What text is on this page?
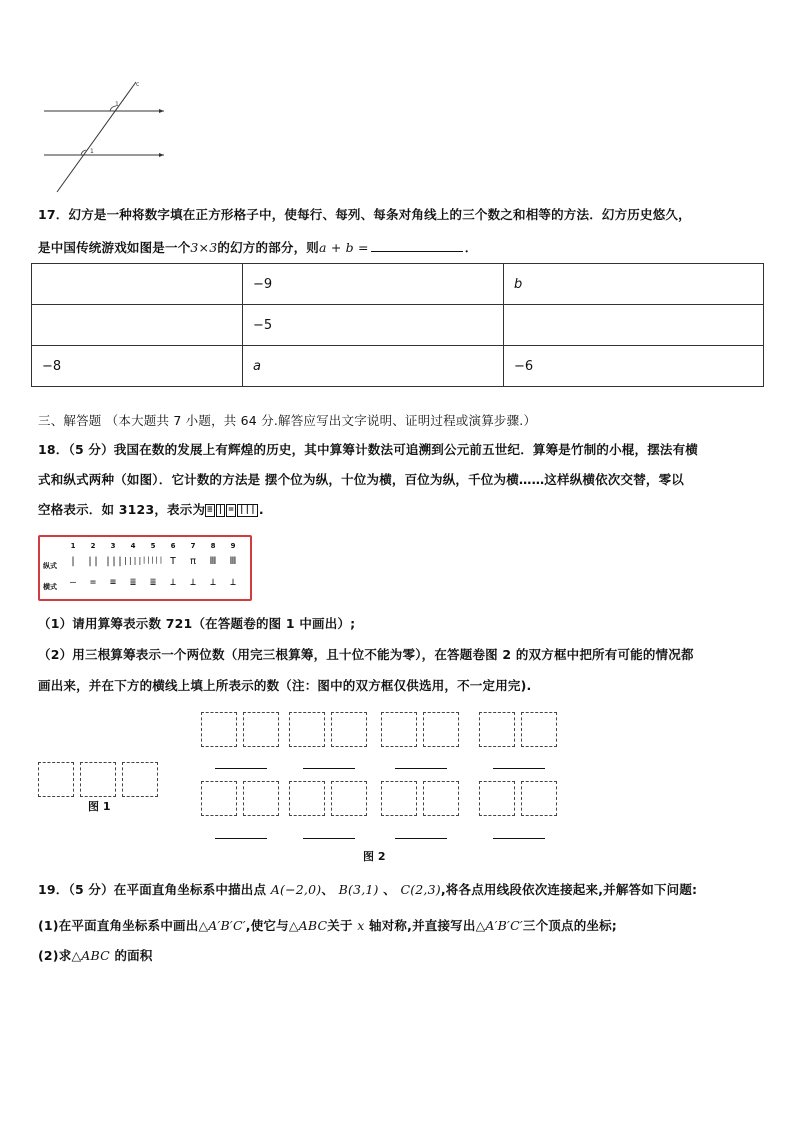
1
1
c
17．幻方是一种将数字填在正方形格子中，使每行、每列、每条对角线上的三个数之和相等的方法．幻方历史悠久，
是中国传统游戏如图是一个3×3的幻方的部分，则a + b =	．
	−9	b
	−5	
−8	a	−6
三、解答题 （本大题共 7 小题，共 64 分.解答应写出文字说明、证明过程或演算步骤.）
18．（5 分）我国在数的发展上有辉煌的历史，其中算筹计数法可追溯到公元前五世纪．算筹是竹制的小棍，摆法有横
式和纵式两种（如图）．它计数的方法是 摆个位为纵，十位为横，百位为纵，千位为横……这样纵横依次交替，零以
空格表示．如 3123，表示为 ≡ | = ||| .
纵式
横式
1	2	3	4	5	6	7	8	9
|	|| ||| |||| ||||| T	π	Ⅲ	Ⅲ
—	=	≡	≣	≣	⊥	⊥	⊥	⊥
（1）请用算筹表示数 721（在答题卷的图 1 中画出）;
（2）用三根算筹表示一个两位数（用完三根算筹，且十位不能为零），在答题卷图 2 的双方框中把所有可能的情况都
画出来，并在下方的横线上填上所表示的数（注：图中的双方框仅供选用，不一定用完).
图 1
图 2
19．（5 分）在平面直角坐标系中描出点 A(−2,0)、 B(3,1) 、 C(2,3),将各点用线段依次连接起来,并解答如下问题:
(1)在平面直角坐标系中画出△A′B′C′,使它与△ABC关于 x 轴对称,并直接写出△A′B′C′三个顶点的坐标;
(2)求△ABC 的面积
